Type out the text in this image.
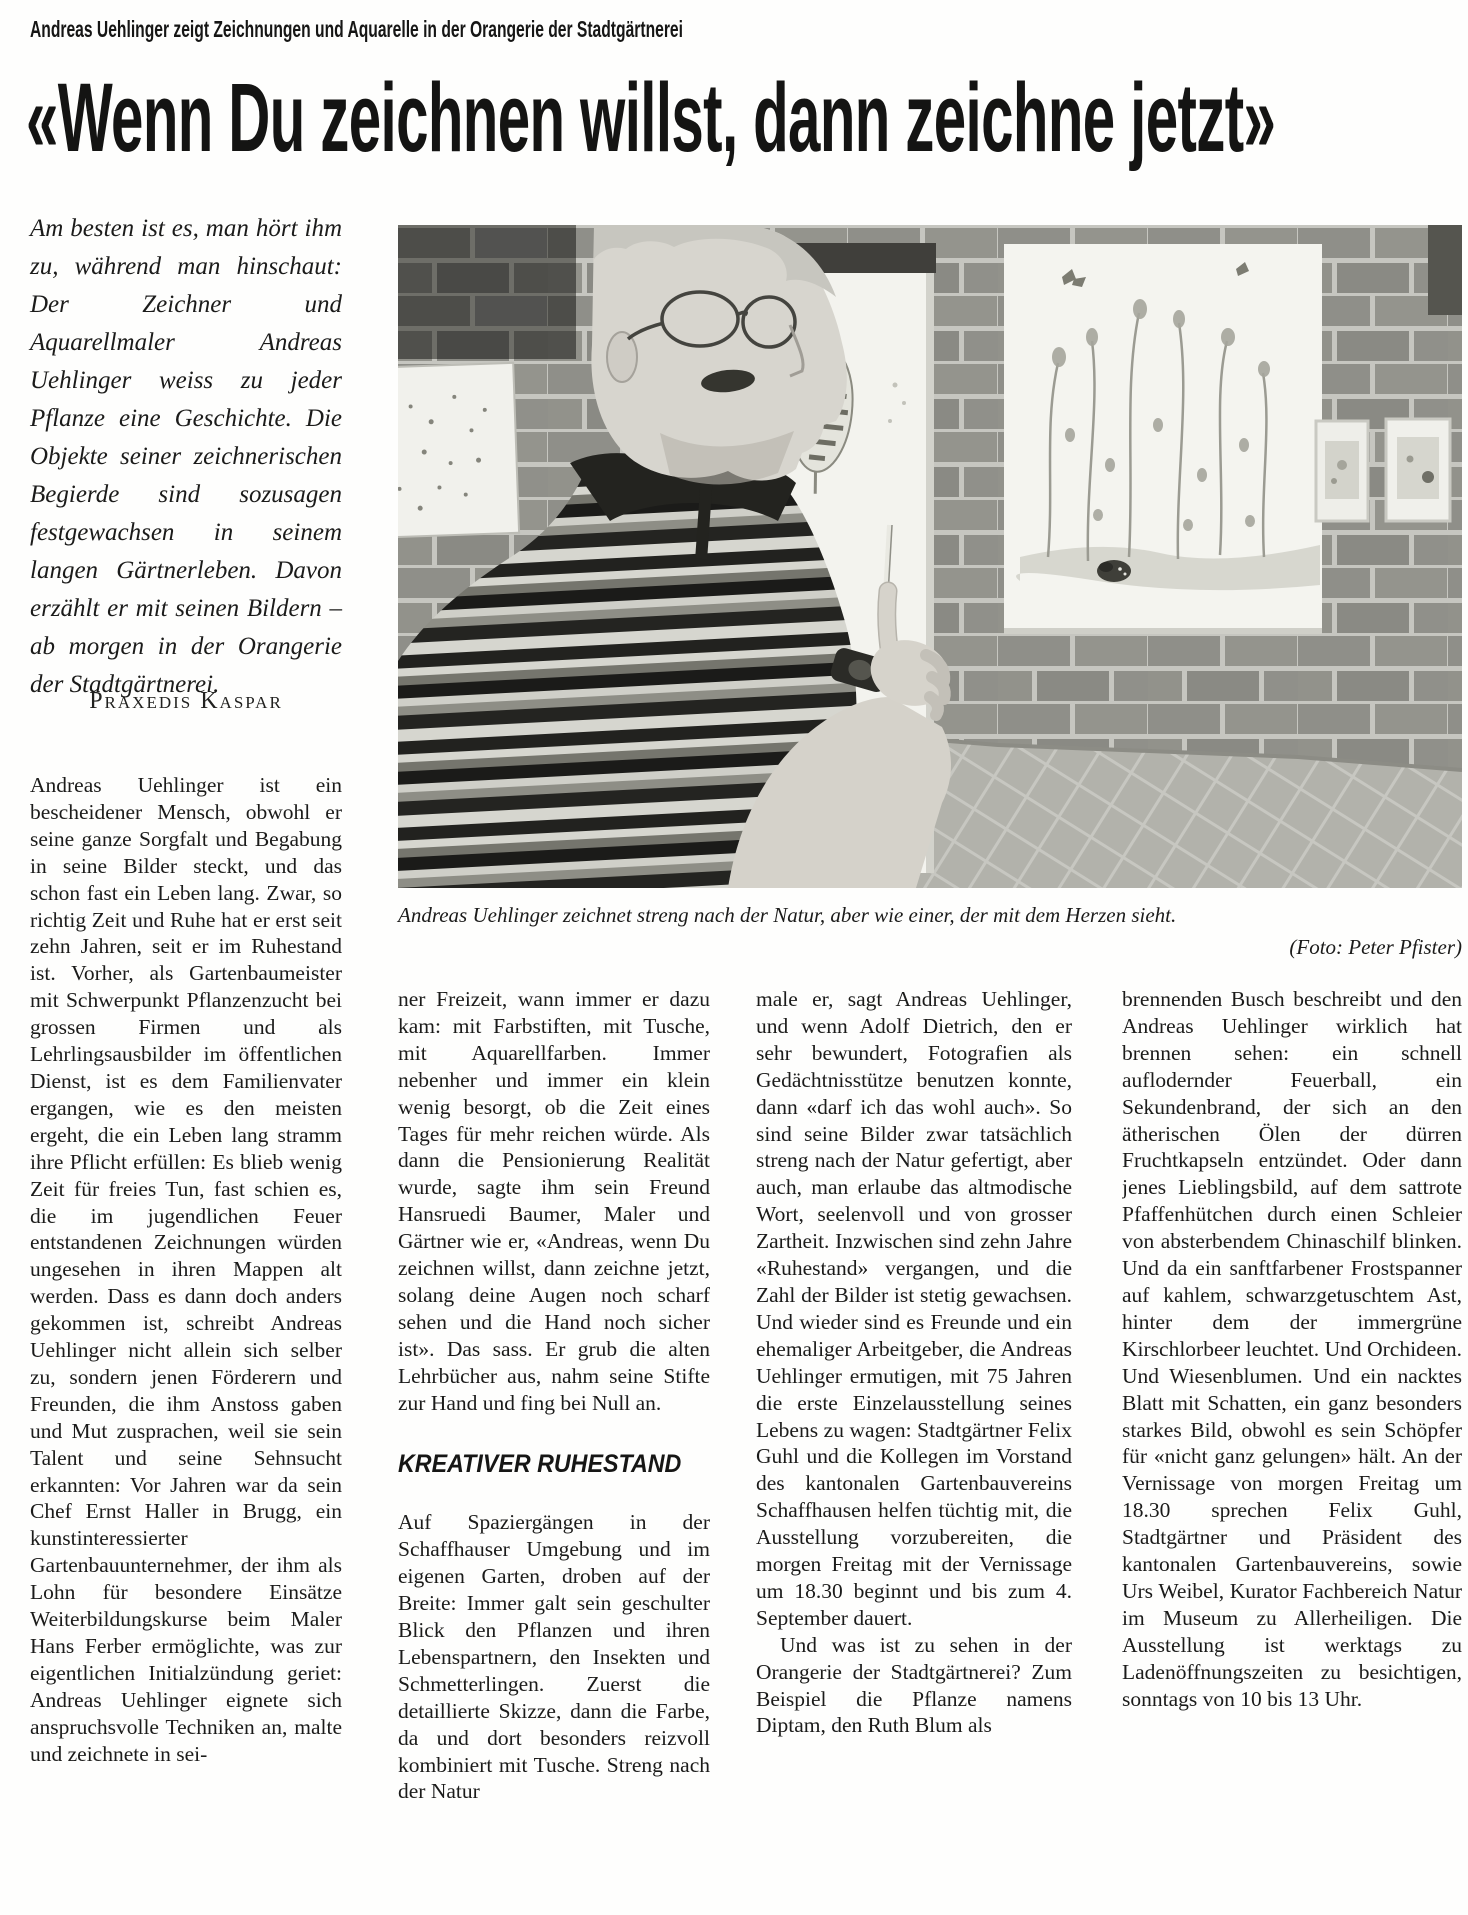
Andreas Uehlinger zeigt Zeichnungen und Aquarelle in der Orangerie der Stadtgärtnerei
«Wenn Du zeichnen willst, dann zeichne jetzt»
Am besten ist es, man hört ihm zu, während man hinschaut: Der Zeichner und Aquarellmaler Andreas Uehlinger weiss zu jeder Pflanze eine Geschichte. Die Objekte seiner zeichnerischen Begierde sind sozusagen festgewachsen in seinem langen Gärtnerleben. Davon erzählt er mit seinen Bildern – ab morgen in der Orangerie der Stadtgärtnerei.
Praxedis Kaspar
Andreas Uehlinger zeichnet streng nach der Natur, aber wie einer, der mit dem Herzen sieht.
(Foto: Peter Pfister)

Andreas Uehlinger ist ein bescheidener Mensch, obwohl er seine ganze Sorgfalt und Begabung in seine Bilder steckt, und das schon fast ein Leben lang. Zwar, so richtig Zeit und Ruhe hat er erst seit zehn Jahren, seit er im Ruhestand ist. Vorher, als Gartenbaumeister mit Schwerpunkt Pflanzenzucht bei grossen Firmen und als Lehrlingsausbilder im öffentlichen Dienst, ist es dem Familienvater ergangen, wie es den meisten ergeht, die ein Leben lang stramm ihre Pflicht erfüllen: Es blieb wenig Zeit für freies Tun, fast schien es, die im jugendlichen Feuer entstandenen Zeichnungen würden ungesehen in ihren Mappen alt werden. Dass es dann doch anders gekommen ist, schreibt Andreas Uehlinger nicht allein sich selber zu, sondern jenen Förderern und Freunden, die ihm Anstoss gaben und Mut zusprachen, weil sie sein Talent und seine Sehnsucht erkannten: Vor Jahren war da sein Chef Ernst Haller in Brugg, ein kunstinteressierter Gartenbauunternehmer, der ihm als Lohn für besondere Einsätze Weiterbildungskurse beim Maler Hans Ferber ermöglichte, was zur eigentlichen Initialzündung geriet: Andreas Uehlinger eignete sich anspruchsvolle Techniken an, malte und zeichnete in sei-

ner Freizeit, wann immer er dazu kam: mit Farbstiften, mit Tusche, mit Aquarellfarben. Immer nebenher und immer ein klein wenig besorgt, ob die Zeit eines Tages für mehr reichen würde. Als dann die Pensionierung Realität wurde, sagte ihm sein Freund Hansruedi Baumer, Maler und Gärtner wie er, «Andreas, wenn Du zeichnen willst, dann zeichne jetzt, solang deine Augen noch scharf sehen und die Hand noch sicher ist». Das sass. Er grub die alten Lehrbücher aus, nahm seine Stifte zur Hand und fing bei Null an.

KREATIVER RUHESTAND

Auf Spaziergängen in der Schaffhauser Umgebung und im eigenen Garten, droben auf der Breite: Immer galt sein geschulter Blick den Pflanzen und ihren Lebenspartnern, den Insekten und Schmetterlingen. Zuerst die detaillierte Skizze, dann die Farbe, da und dort besonders reizvoll kombiniert mit Tusche. Streng nach der Natur

male er, sagt Andreas Uehlinger, und wenn Adolf Dietrich, den er sehr bewundert, Fotografien als Gedächtnisstütze benutzen konnte, dann «darf ich das wohl auch». So sind seine Bilder zwar tatsächlich streng nach der Natur gefertigt, aber auch, man erlaube das altmodische Wort, seelenvoll und von grosser Zartheit. Inzwischen sind zehn Jahre «Ruhestand» vergangen, und die Zahl der Bilder ist stetig gewachsen. Und wieder sind es Freunde und ein ehemaliger Arbeitgeber, die Andreas Uehlinger ermutigen, mit 75 Jahren die erste Einzelausstellung seines Lebens zu wagen: Stadtgärtner Felix Guhl und die Kollegen im Vorstand des kantonalen Gartenbauvereins Schaffhausen helfen tüchtig mit, die Ausstellung vorzubereiten, die morgen Freitag mit der Vernissage um 18.30 beginnt und bis zum 4. September dauert.

Und was ist zu sehen in der Orangerie der Stadtgärtnerei? Zum Beispiel die Pflanze namens Diptam, den Ruth Blum als

brennenden Busch beschreibt und den Andreas Uehlinger wirklich hat brennen sehen: ein schnell auflodernder Feuerball, ein Sekundenbrand, der sich an den ätherischen Ölen der dürren Fruchtkapseln entzündet. Oder dann jenes Lieblingsbild, auf dem sattrote Pfaffenhütchen durch einen Schleier von absterbendem Chinaschilf blinken. Und da ein sanftfarbener Frostspanner auf kahlem, schwarzgetuschtem Ast, hinter dem der immergrüne Kirschlorbeer leuchtet. Und Orchideen. Und Wiesenblumen. Und ein nacktes Blatt mit Schatten, ein ganz besonders starkes Bild, obwohl es sein Schöpfer für «nicht ganz gelungen» hält. An der Vernissage von morgen Freitag um 18.30 sprechen Felix Guhl, Stadtgärtner und Präsident des kantonalen Gartenbauvereins, sowie Urs Weibel, Kurator Fachbereich Natur im Museum zu Allerheiligen. Die Ausstellung ist werktags zu Ladenöffnungszeiten zu besichtigen, sonntags von 10 bis 13 Uhr.
